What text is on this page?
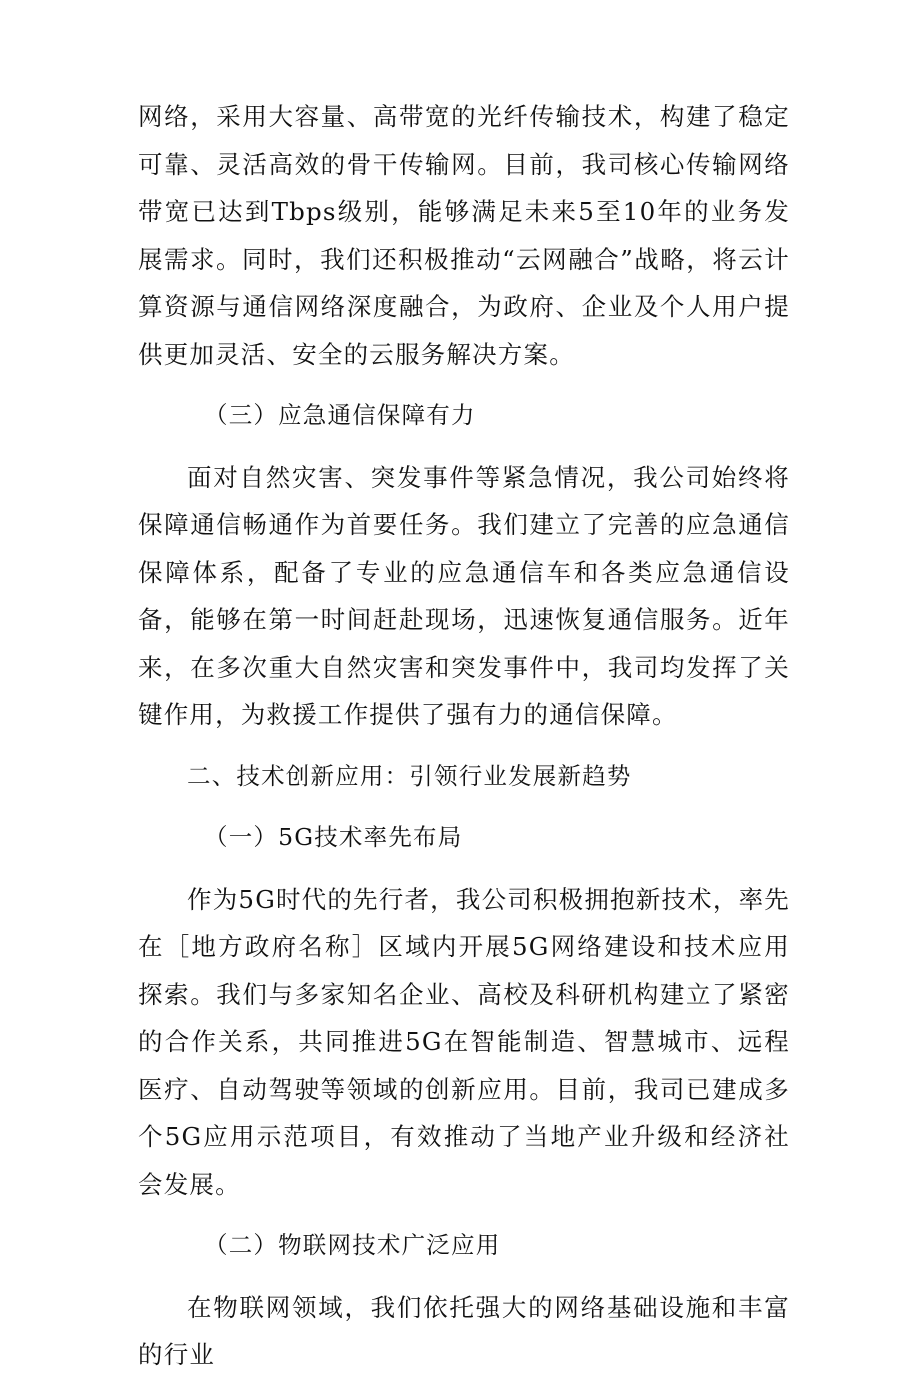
网络，采用大容量、高带宽的光纤传输技术，构建了稳定可靠、灵活高效的骨干传输网。目前，我司核心传输网络带宽已达到Tbps级别，能够满足未来5至10年的业务发展需求。同时，我们还积极推动“云网融合”战略，将云计算资源与通信网络深度融合，为政府、企业及个人用户提供更加灵活、安全的云服务解决方案。

（三）应急通信保障有力

面对自然灾害、突发事件等紧急情况，我公司始终将保障通信畅通作为首要任务。我们建立了完善的应急通信保障体系，配备了专业的应急通信车和各类应急通信设备，能够在第一时间赶赴现场，迅速恢复通信服务。近年来，在多次重大自然灾害和突发事件中，我司均发挥了关键作用，为救援工作提供了强有力的通信保障。

二、技术创新应用：引领行业发展新趋势

（一）5G技术率先布局

作为5G时代的先行者，我公司积极拥抱新技术，率先在［地方政府名称］区域内开展5G网络建设和技术应用探索。我们与多家知名企业、高校及科研机构建立了紧密的合作关系，共同推进5G在智能制造、智慧城市、远程医疗、自动驾驶等领域的创新应用。目前，我司已建成多个5G应用示范项目，有效推动了当地产业升级和经济社会发展。

（二）物联网技术广泛应用

在物联网领域，我们依托强大的网络基础设施和丰富的行业
